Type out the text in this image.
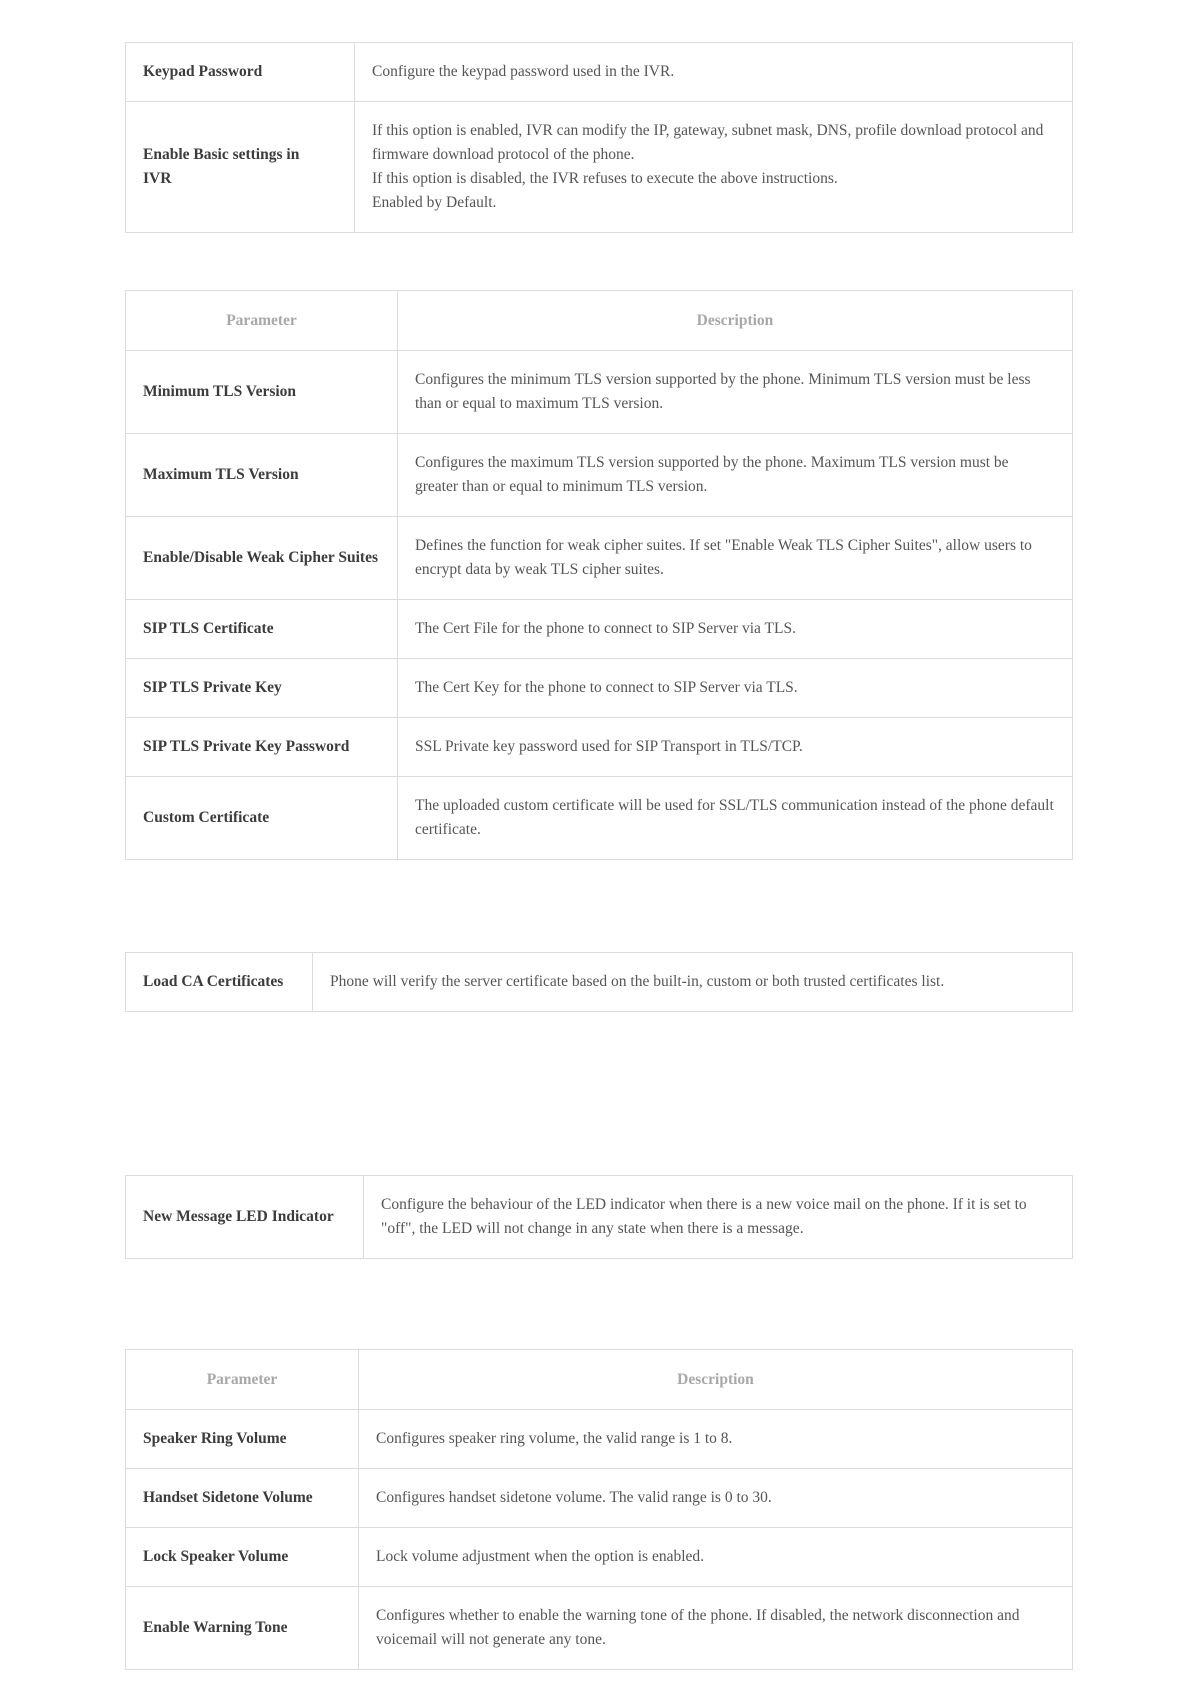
Keypad Password	Configure the keypad password used in the IVR.

Enable Basic settings in IVR	If this option is enabled, IVR can modify the IP, gateway, subnet mask, DNS, profile download protocol and firmware download protocol of the phone.
If this option is disabled, the IVR refuses to execute the above instructions.
Enabled by Default.
Parameter	Description
Minimum TLS Version	Configures the minimum TLS version supported by the phone. Minimum TLS version must be less than or equal to maximum TLS version.
Maximum TLS Version	Configures the maximum TLS version supported by the phone. Maximum TLS version must be greater than or equal to minimum TLS version.
Enable/Disable Weak Cipher Suites	Defines the function for weak cipher suites. If set "Enable Weak TLS Cipher Suites", allow users to encrypt data by weak TLS cipher suites.
SIP TLS Certificate	The Cert File for the phone to connect to SIP Server via TLS.
SIP TLS Private Key	The Cert Key for the phone to connect to SIP Server via TLS.
SIP TLS Private Key Password	SSL Private key password used for SIP Transport in TLS/TCP.
Custom Certificate	The uploaded custom certificate will be used for SSL/TLS communication instead of the phone default certificate.
Load CA Certificates	Phone will verify the server certificate based on the built-in, custom or both trusted certificates list.
New Message LED Indicator	Configure the behaviour of the LED indicator when there is a new voice mail on the phone. If it is set to "off", the LED will not change in any state when there is a message.
Parameter	Description
Speaker Ring Volume	Configures speaker ring volume, the valid range is 1 to 8.
Handset Sidetone Volume	Configures handset sidetone volume. The valid range is 0 to 30.
Lock Speaker Volume	Lock volume adjustment when the option is enabled.
Enable Warning Tone	Configures whether to enable the warning tone of the phone. If disabled, the network disconnection and voicemail will not generate any tone.
